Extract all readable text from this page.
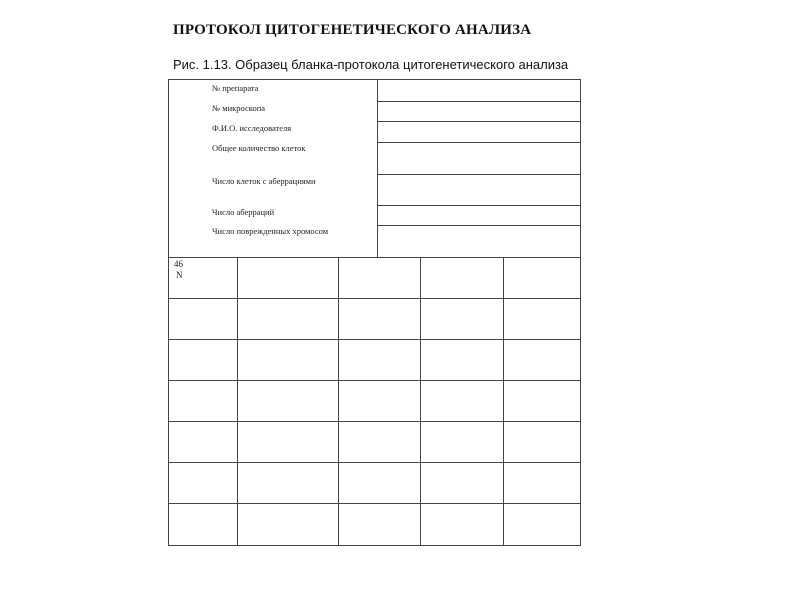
ПРОТОКОЛ ЦИТОГЕНЕТИЧЕСКОГО АНАЛИЗА
Рис. 1.13. Образец бланка-протокола цитогенетического анализа
№ препарата
№ микроскопа
Ф.И.О. исследователя
Общее количество клеток
Число клеток с аберрациями
Число аберраций
Число поврежденных хромосом
46
N
